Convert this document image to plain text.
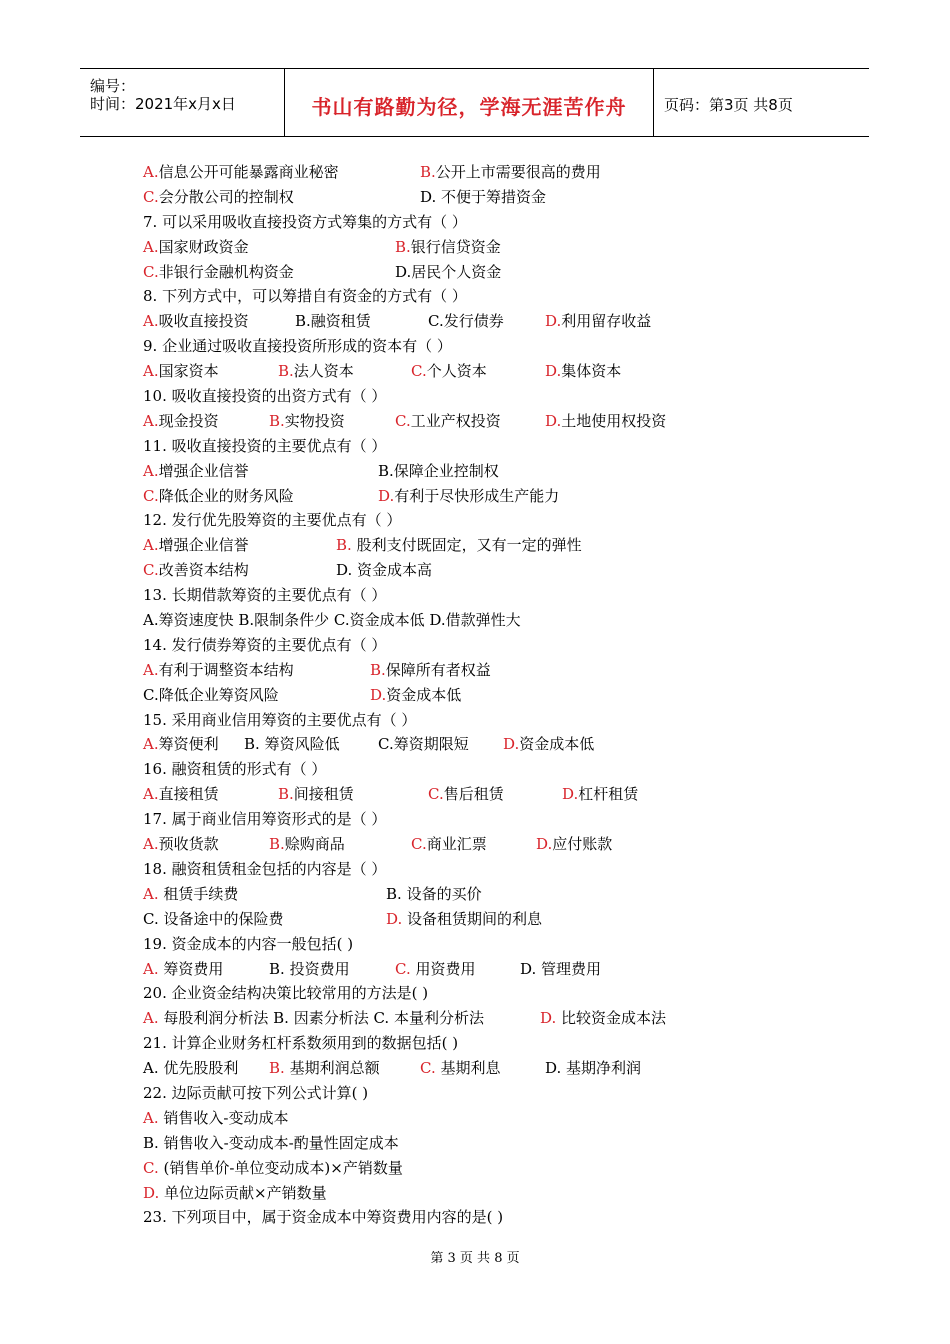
编号：
时间：2021年x月x日	书山有路勤为径，学海无涯苦作舟	页码：第3页 共8页
A.信息公开可能暴露商业秘密	B.公开上市需要很高的费用
C.会分散公司的控制权	D. 不便于筹措资金
7. 可以采用吸收直接投资方式筹集的方式有（ ）
A.国家财政资金	B.银行信贷资金
C.非银行金融机构资金	D.居民个人资金
8. 下列方式中，可以筹措自有资金的方式有（ ）
A.吸收直接投资	B.融资租赁	C.发行债券	D.利用留存收益
9. 企业通过吸收直接投资所形成的资本有（ ）
A.国家资本	B.法人资本	C.个人资本	D.集体资本
10. 吸收直接投资的出资方式有（ ）
A.现金投资	B.实物投资	C.工业产权投资	D.土地使用权投资
11. 吸收直接投资的主要优点有（ ）
A.增强企业信誉	B.保障企业控制权
C.降低企业的财务风险	D.有利于尽快形成生产能力
12. 发行优先股筹资的主要优点有（ ）
A.增强企业信誉	B. 股利支付既固定，又有一定的弹性
C.改善资本结构	D. 资金成本高
13. 长期借款筹资的主要优点有（ ）
A.筹资速度快 B.限制条件少 C.资金成本低 D.借款弹性大
14. 发行债券筹资的主要优点有（ ）
A.有利于调整资本结构	B.保障所有者权益
C.降低企业筹资风险	D.资金成本低
15. 采用商业信用筹资的主要优点有（ ）
A.筹资便利 B. 筹资风险低	C.筹资期限短 D.资金成本低
16. 融资租赁的形式有（ ）
A.直接租赁	B.间接租赁	C.售后租赁	D.杠杆租赁
17. 属于商业信用筹资形式的是（ ）
A.预收货款	B.赊购商品	C.商业汇票	D.应付账款
18. 融资租赁租金包括的内容是（ ）
A. 租赁手续费	B. 设备的买价
C. 设备途中的保险费	D. 设备租赁期间的利息
19. 资金成本的内容一般包括( )
A. 筹资费用	B. 投资费用	C. 用资费用	D. 管理费用
20. 企业资金结构决策比较常用的方法是( )
A. 每股利润分析法 B. 因素分析法 C. 本量利分析法	D. 比较资金成本法
21. 计算企业财务杠杆系数须用到的数据包括( )
A. 优先股股利 B. 基期利润总额	C. 基期利息	D. 基期净利润
22. 边际贡献可按下列公式计算( )
A. 销售收入-变动成本
B. 销售收入-变动成本-酌量性固定成本
C. (销售单价-单位变动成本)×产销数量
D. 单位边际贡献×产销数量
23. 下列项目中，属于资金成本中筹资费用内容的是( )
第 3 页 共 8 页
